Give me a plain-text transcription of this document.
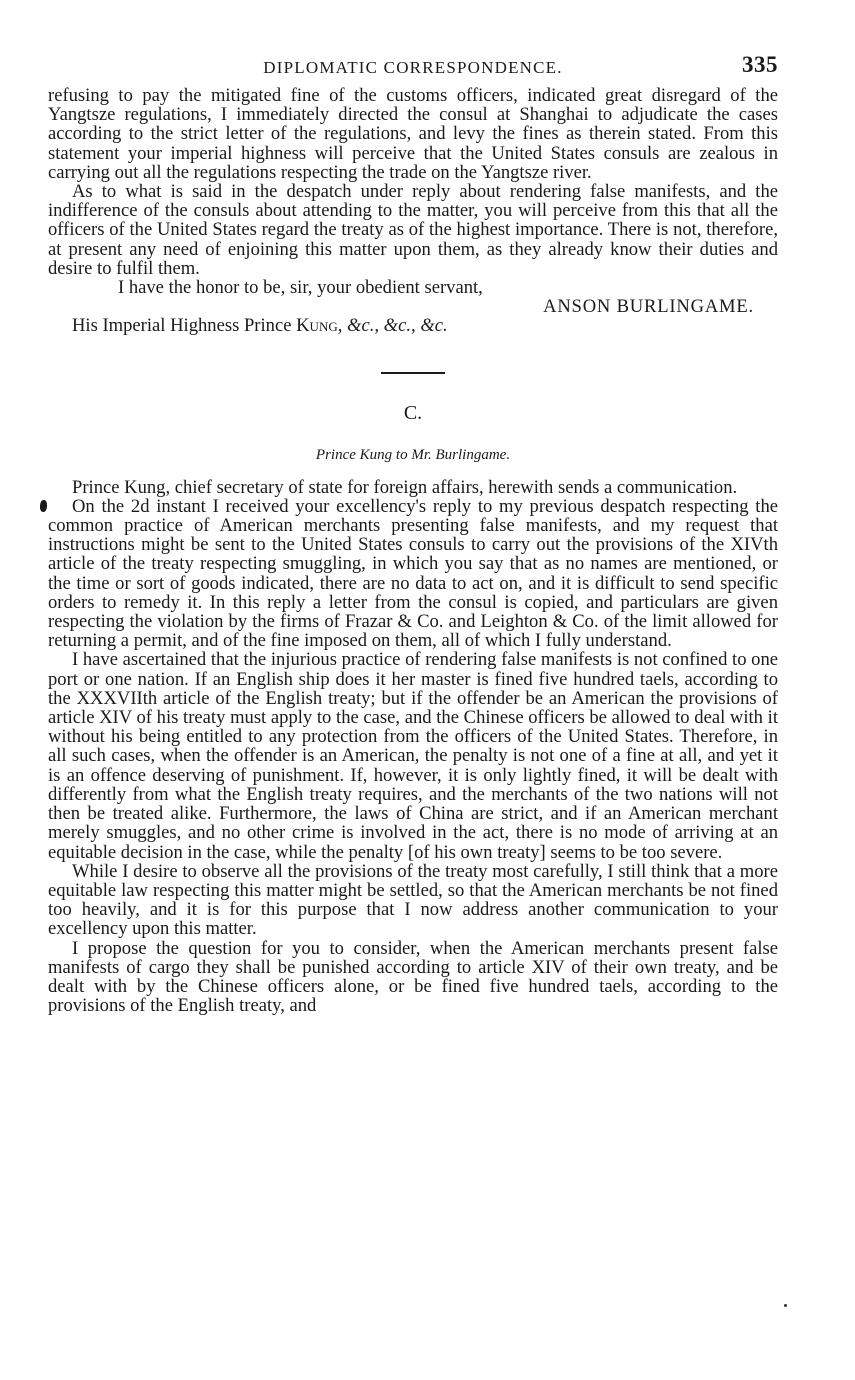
DIPLOMATIC CORRESPONDENCE.	335

refusing to pay the mitigated fine of the customs officers, indicated great disregard of the Yangtsze regulations, I immediately directed the consul at Shanghai to adjudicate the cases according to the strict letter of the regulations, and levy the fines as therein stated. From this statement your imperial highness will perceive that the United States consuls are zealous in carrying out all the regulations respecting the trade on the Yangtsze river.

As to what is said in the despatch under reply about rendering false manifests, and the indifference of the consuls about attending to the matter, you will perceive from this that all the officers of the United States regard the treaty as of the highest importance. There is not, therefore, at present any need of enjoining this matter upon them, as they already know their duties and desire to fulfil them.

I have the honor to be, sir, your obedient servant,

ANSON BURLINGAME.

His Imperial Highness Prince Kung, &c., &c., &c.

C.

Prince Kung to Mr. Burlingame.

Prince Kung, chief secretary of state for foreign affairs, herewith sends a communication.

On the 2d instant I received your excellency's reply to my previous despatch respecting the common practice of American merchants presenting false manifests, and my request that instructions might be sent to the United States consuls to carry out the provisions of the XIVth article of the treaty respecting smuggling, in which you say that as no names are mentioned, or the time or sort of goods indicated, there are no data to act on, and it is difficult to send specific orders to remedy it. In this reply a letter from the consul is copied, and particulars are given respecting the violation by the firms of Frazar & Co. and Leighton & Co. of the limit allowed for returning a permit, and of the fine imposed on them, all of which I fully understand.

I have ascertained that the injurious practice of rendering false manifests is not confined to one port or one nation. If an English ship does it her master is fined five hundred taels, according to the XXXVIIth article of the English treaty; but if the offender be an American the provisions of article XIV of his treaty must apply to the case, and the Chinese officers be allowed to deal with it without his being entitled to any protection from the officers of the United States. Therefore, in all such cases, when the offender is an American, the penalty is not one of a fine at all, and yet it is an offence deserving of punishment. If, however, it is only lightly fined, it will be dealt with differently from what the English treaty requires, and the merchants of the two nations will not then be treated alike. Furthermore, the laws of China are strict, and if an American merchant merely smuggles, and no other crime is involved in the act, there is no mode of arriving at an equitable decision in the case, while the penalty [of his own treaty] seems to be too severe.

While I desire to observe all the provisions of the treaty most carefully, I still think that a more equitable law respecting this matter might be settled, so that the American merchants be not fined too heavily, and it is for this purpose that I now address another communication to your excellency upon this matter.

I propose the question for you to consider, when the American merchants present false manifests of cargo they shall be punished according to article XIV of their own treaty, and be dealt with by the Chinese officers alone, or be fined five hundred taels, according to the provisions of the English treaty, and
